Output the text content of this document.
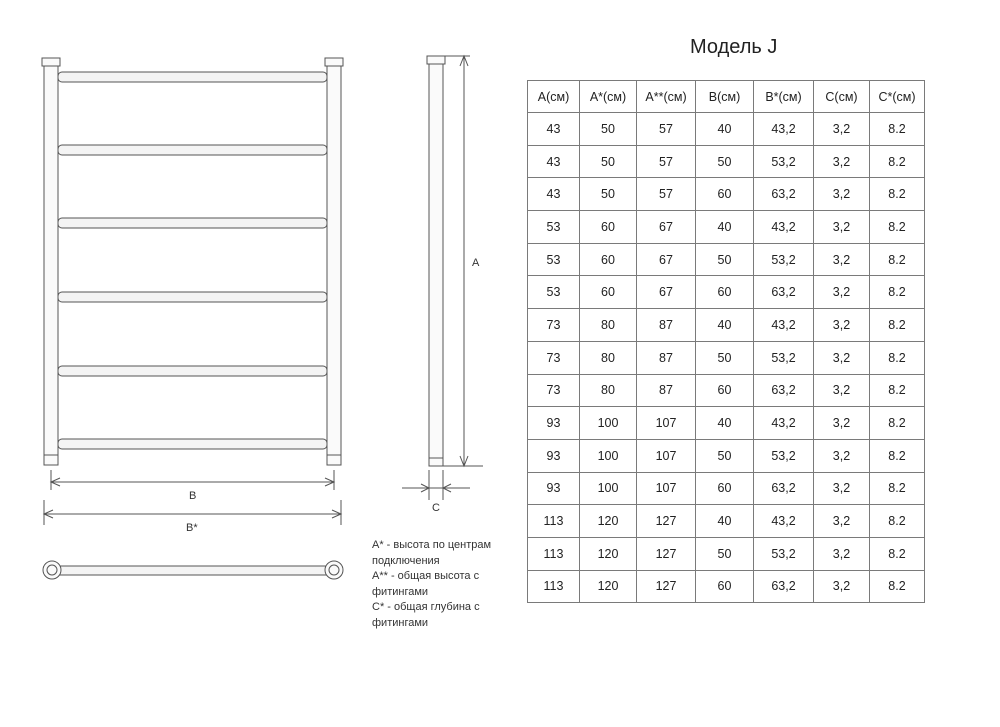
B
B*
A
C
Модель J
A(см)	A*(см)	A**(см)	B(см)	B*(см)	C(см)	C*(см)
43	50	57	40	43,2	3,2	8.2
43	50	57	50	53,2	3,2	8.2
43	50	57	60	63,2	3,2	8.2
53	60	67	40	43,2	3,2	8.2
53	60	67	50	53,2	3,2	8.2
53	60	67	60	63,2	3,2	8.2
73	80	87	40	43,2	3,2	8.2
73	80	87	50	53,2	3,2	8.2
73	80	87	60	63,2	3,2	8.2
93	100	107	40	43,2	3,2	8.2
93	100	107	50	53,2	3,2	8.2
93	100	107	60	63,2	3,2	8.2
113	120	127	40	43,2	3,2	8.2
113	120	127	50	53,2	3,2	8.2
113	120	127	60	63,2	3,2	8.2
A* - высота по центрам
подключения
A** - общая высота с
фитингами
C* - общая глубина с
фитингами
